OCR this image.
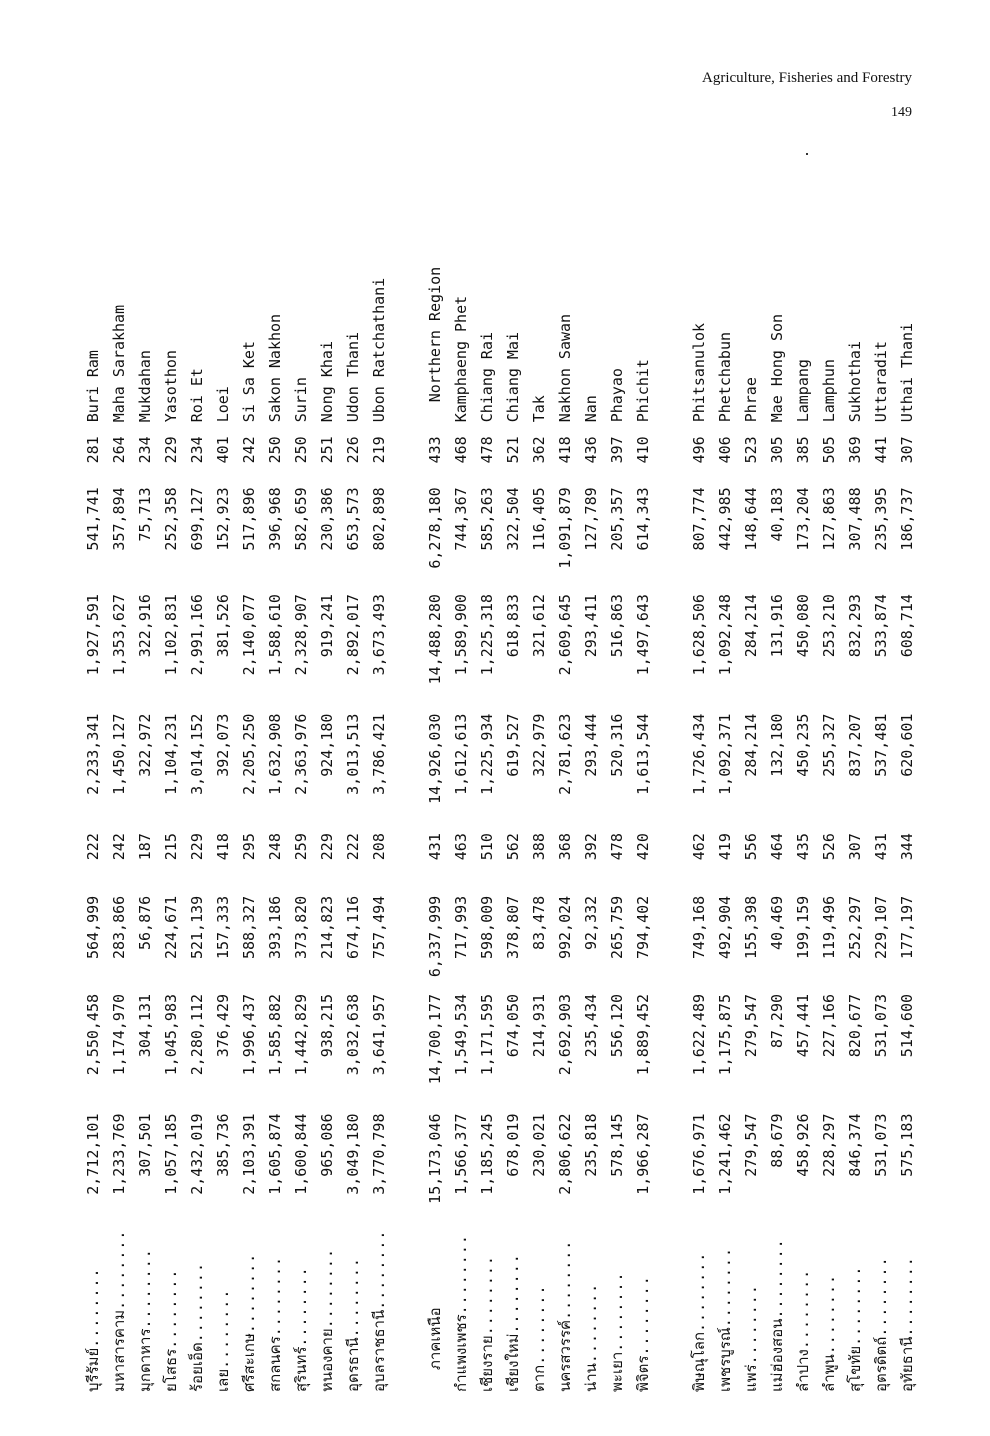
Agriculture, Fisheries and Forestry
149
บุรีรัมย์........	2,712,101	2,550,458	564,999	222	2,233,341	1,927,591	541,741	281	Buri Ram
มหาสารคาม........	1,233,769	1,174,970	283,866	242	1,450,127	1,353,627	357,894	264	Maha Sarakham
มุกดาหาร........	307,501	304,131	56,876	187	322,972	322,916	75,713	234	Mukdahan
ยโสธร........	1,057,185	1,045,983	224,671	215	1,104,231	1,102,831	252,358	229	Yasothon
ร้อยเอ็ด........	2,432,019	2,280,112	521,139	229	3,014,152	2,991,166	699,127	234	Roi Et
เลย........	385,736	376,429	157,333	418	392,073	381,526	152,923	401	Loei
ศรีสะเกษ........	2,103,391	1,996,437	588,327	295	2,205,250	2,140,077	517,896	242	Si Sa Ket
สกลนคร........	1,605,874	1,585,882	393,186	248	1,632,908	1,588,610	396,968	250	Sakon Nakhon
สุรินทร์........	1,600,844	1,442,829	373,820	259	2,363,976	2,328,907	582,659	250	Surin
หนองคาย........	965,086	938,215	214,823	229	924,180	919,241	230,386	251	Nong Khai
อุดรธานี........	3,049,180	3,032,638	674,116	222	3,013,513	2,892,017	653,573	226	Udon Thani
อุบลราชธานี........	3,770,798	3,641,957	757,494	208	3,786,421	3,673,493	802,898	219	Ubon Ratchathani

ภาคเหนือ	15,173,046	14,700,177	6,337,999	431	14,926,030	14,488,280	6,278,180	433	Northern Region
กำแพงเพชร........	1,566,377	1,549,534	717,993	463	1,612,613	1,589,900	744,367	468	Kamphaeng Phet
เชียงราย........	1,185,245	1,171,595	598,009	510	1,225,934	1,225,318	585,263	478	Chiang Rai
เชียงใหม่........	678,019	674,050	378,807	562	619,527	618,833	322,504	521	Chiang Mai
ตาก........	230,021	214,931	83,478	388	322,979	321,612	116,405	362	Tak
นครสวรรค์........	2,806,622	2,692,903	992,024	368	2,781,623	2,609,645	1,091,879	418	Nakhon Sawan
น่าน........	235,818	235,434	92,332	392	293,444	293,411	127,789	436	Nan
พะเยา........	578,145	556,120	265,759	478	520,316	516,863	205,357	397	Phayao
พิจิตร........	1,966,287	1,889,452	794,402	420	1,613,544	1,497,643	614,343	410	Phichit

พิษณุโลก........	1,676,971	1,622,489	749,168	462	1,726,434	1,628,506	807,774	496	Phitsanulok
เพชรบูรณ์........	1,241,462	1,175,875	492,904	419	1,092,371	1,092,248	442,985	406	Phetchabun
แพร่........	279,547	279,547	155,398	556	284,214	284,214	148,644	523	Phrae
แม่ฮ่องสอน........	88,679	87,290	40,469	464	132,180	131,916	40,183	305	Mae Hong Son
ลำปาง........	458,926	457,441	199,159	435	450,235	450,080	173,204	385	Lampang
ลำพูน........	228,297	227,166	119,496	526	255,327	253,210	127,863	505	Lamphun
สุโขทัย........	846,374	820,677	252,297	307	837,207	832,293	307,488	369	Sukhothai
อุตรดิตถ์........	531,073	531,073	229,107	431	537,481	533,874	235,395	441	Uttaradit
อุทัยธานี........	575,183	514,600	177,197	344	620,601	608,714	186,737	307	Uthai Thani
